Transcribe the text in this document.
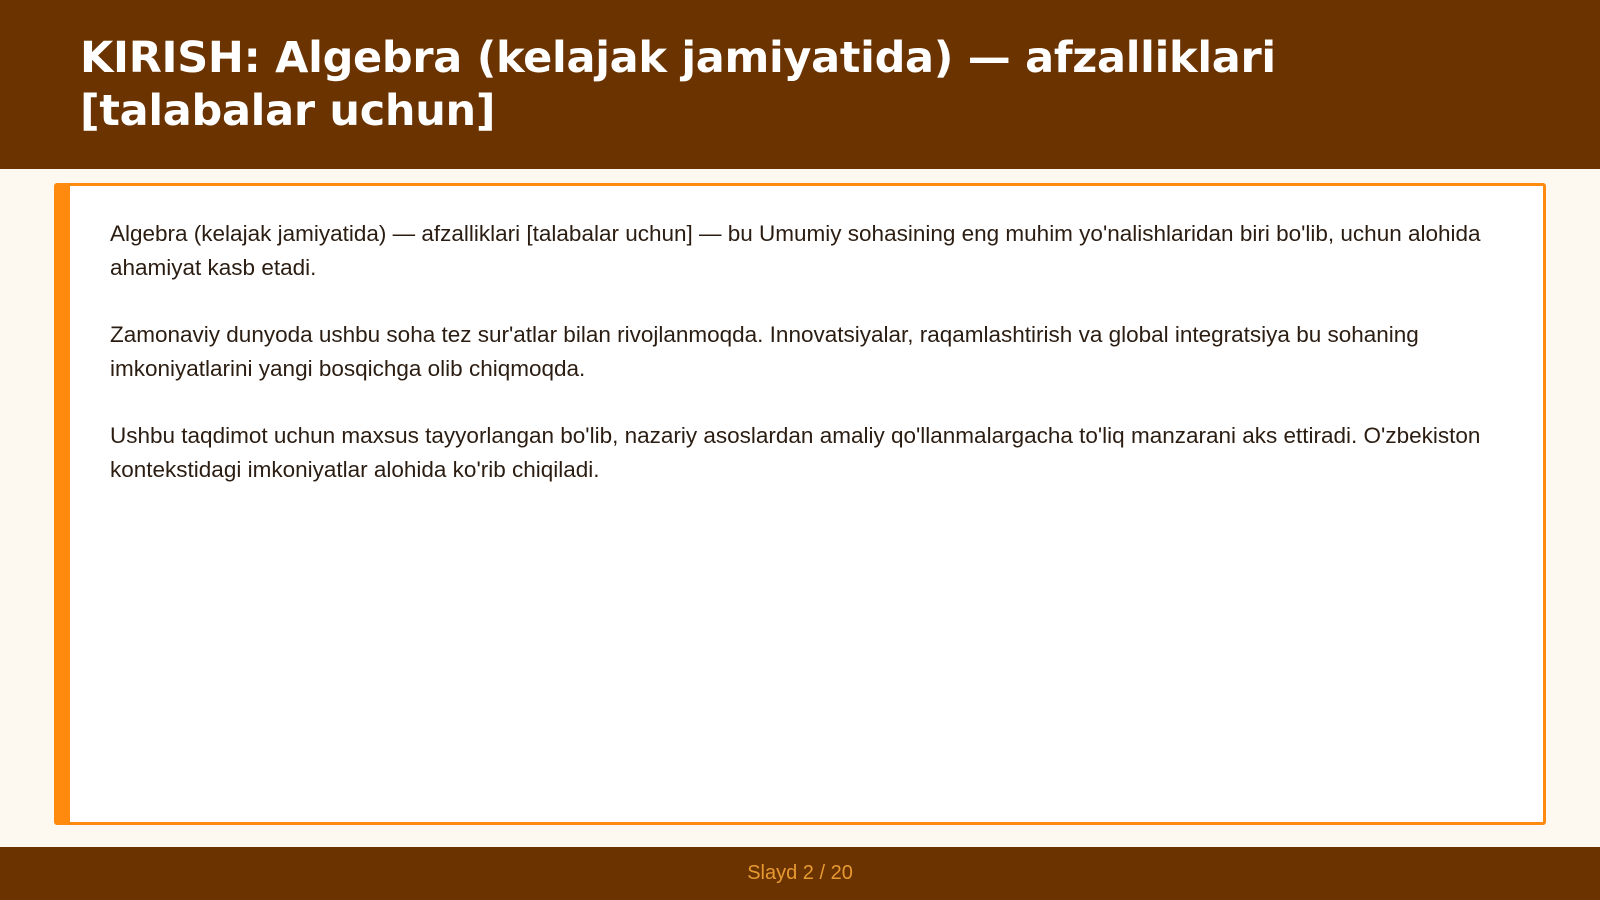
KIRISH: Algebra (kelajak jamiyatida) — afzalliklari [talabalar uchun]

Algebra (kelajak jamiyatida) — afzalliklari [talabalar uchun] — bu Umumiy sohasining eng muhim yo'nalishlaridan biri bo'lib, uchun alohida ahamiyat kasb etadi.

Zamonaviy dunyoda ushbu soha tez sur'atlar bilan rivojlanmoqda. Innovatsiyalar, raqamlashtirish va global integratsiya bu sohaning imkoniyatlarini yangi bosqichga olib chiqmoqda.

Ushbu taqdimot uchun maxsus tayyorlangan bo'lib, nazariy asoslardan amaliy qo'llanmalargacha to'liq manzarani aks ettiradi. O'zbekiston kontekstidagi imkoniyatlar alohida ko'rib chiqiladi.

Slayd 2 / 20
